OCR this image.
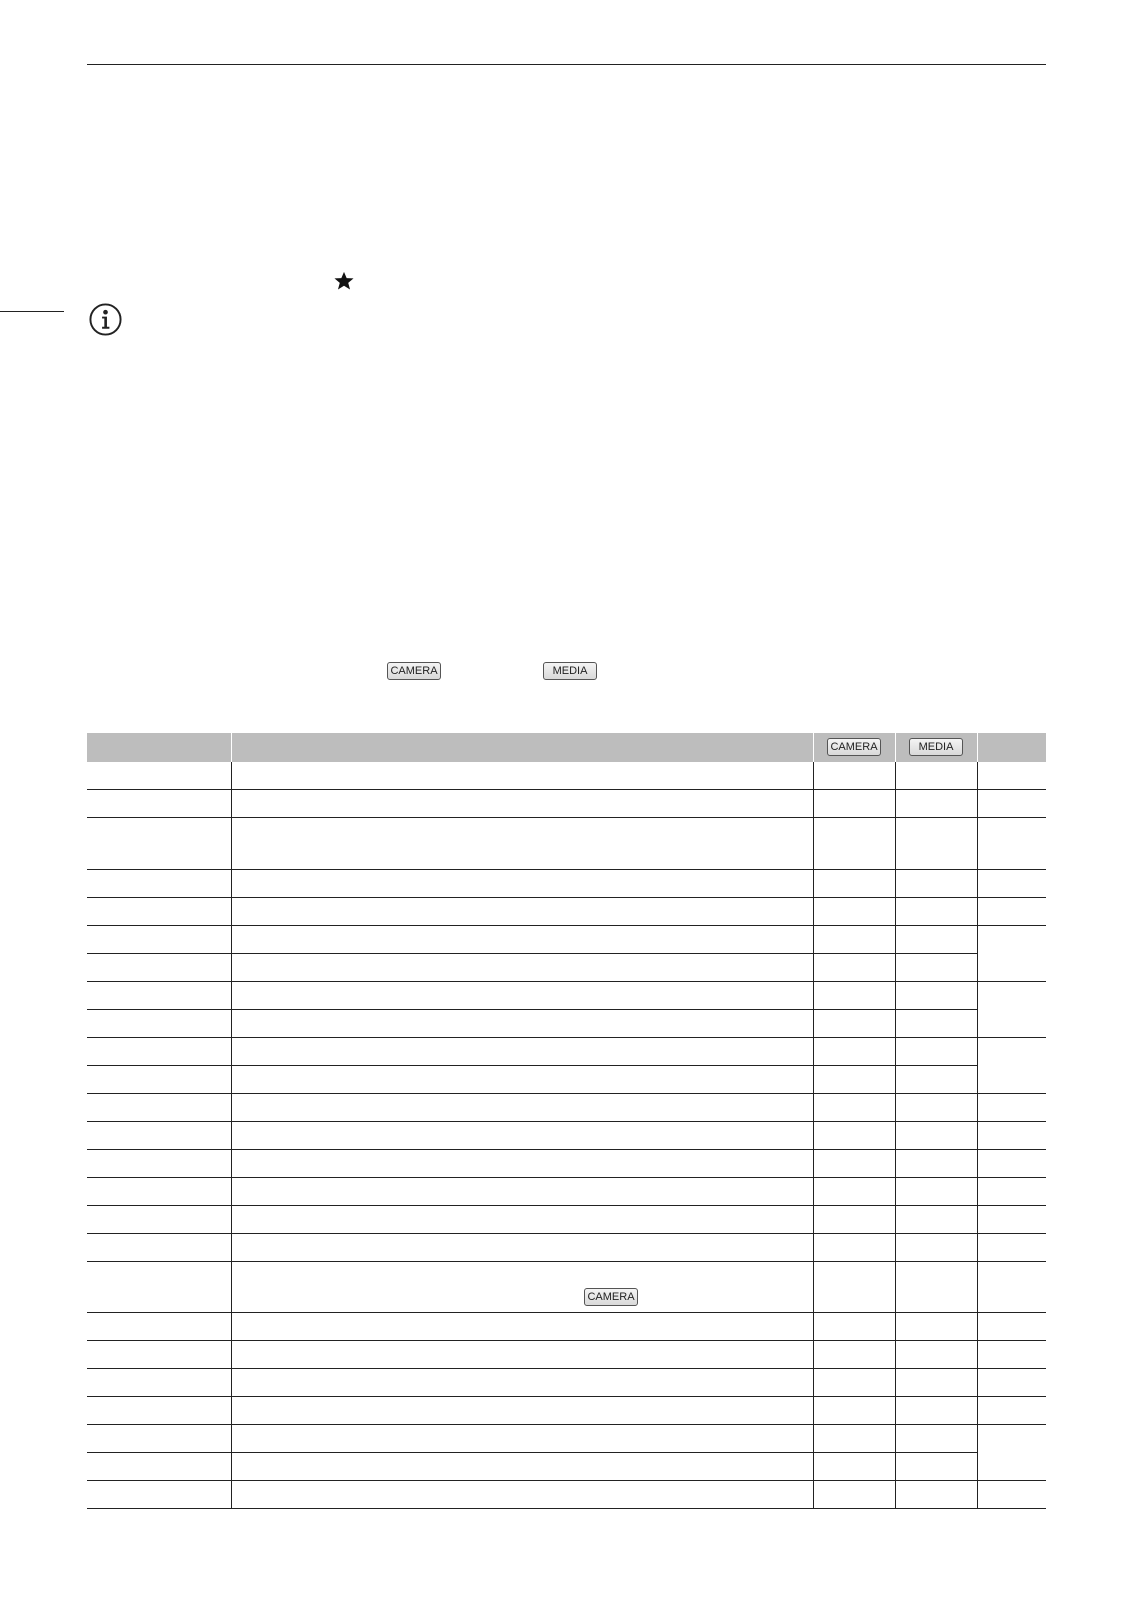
CAMERA	MEDIA
CAMERA	MEDIA
CAMERA
